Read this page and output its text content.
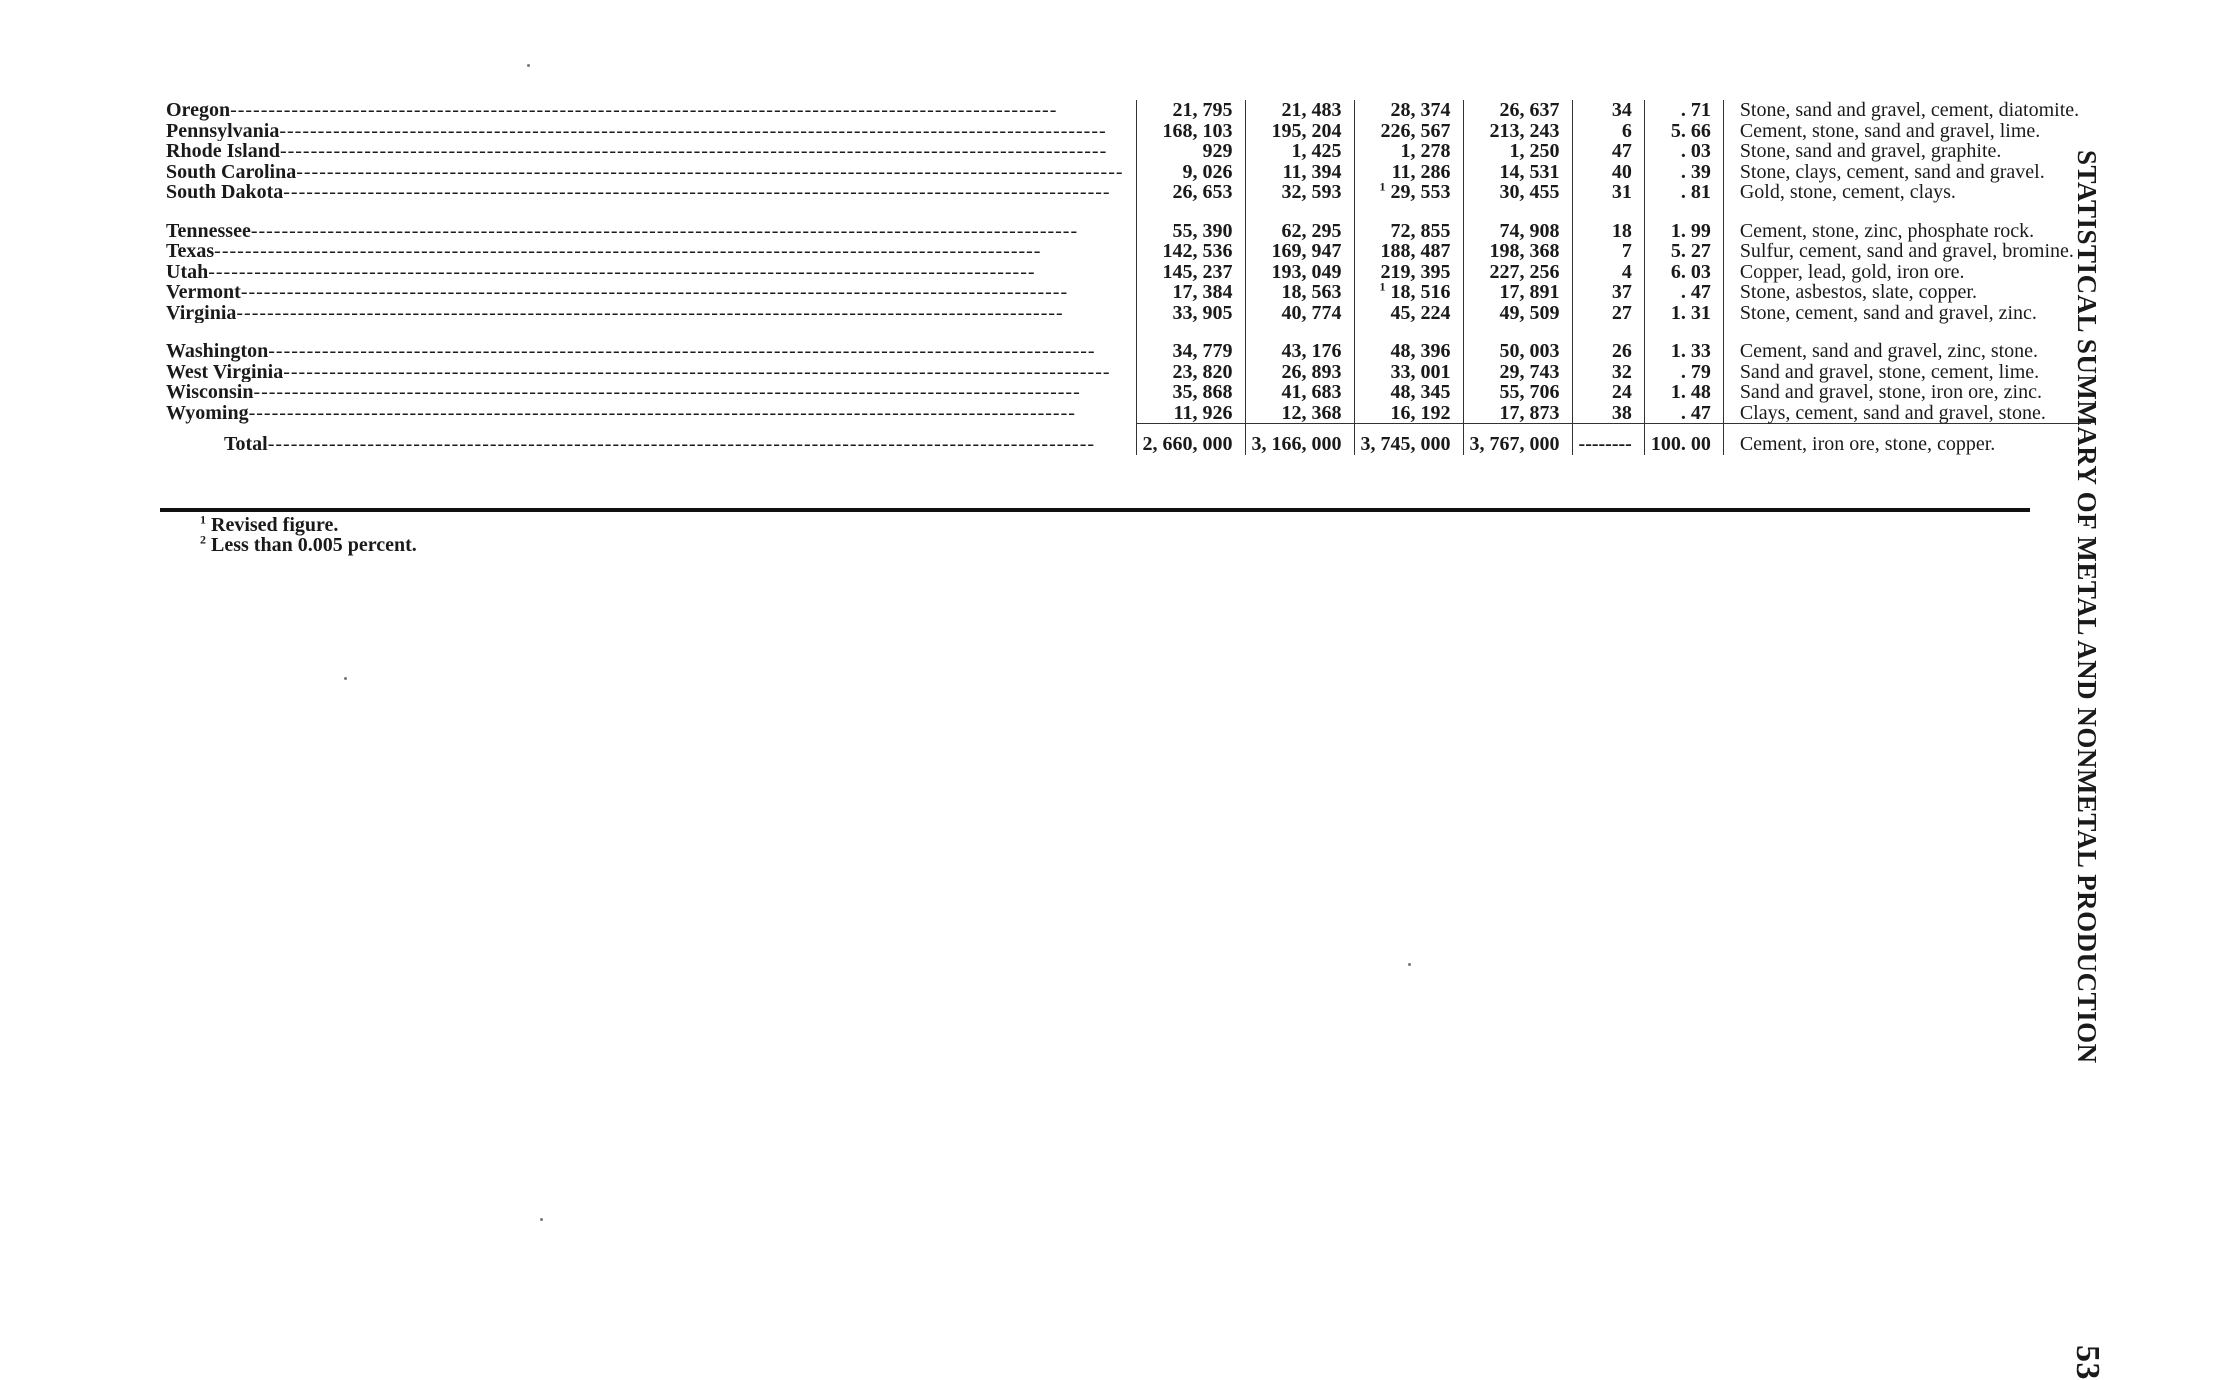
Oregon -----	21, 795	21, 483	28, 374	26, 637	34	. 71	Stone, sand and gravel, cement, diatomite.
Pennsylvania -----	168, 103	195, 204	226, 567	213, 243	6	5. 66	Cement, stone, sand and gravel, lime.
Rhode Island -----	929	1, 425	1, 278	1, 250	47	. 03	Stone, sand and gravel, graphite.
South Carolina -----	9, 026	11, 394	11, 286	14, 531	40	. 39	Stone, clays, cement, sand and gravel.
South Dakota -----	26, 653	32, 593	$^1$ 29, 553	30, 455	31	. 81	Gold, stone, cement, clays.

Tennessee -----	55, 390	62, 295	72, 855	74, 908	18	1. 99	Cement, stone, zinc, phosphate rock.
Texas -----	142, 536	169, 947	188, 487	198, 368	7	5. 27	Sulfur, cement, sand and gravel, bromine.
Utah -----	145, 237	193, 049	219, 395	227, 256	4	6. 03	Copper, lead, gold, iron ore.
Vermont -----	17, 384	18, 563	$^1$ 18, 516	17, 891	37	. 47	Stone, asbestos, slate, copper.
Virginia -----	33, 905	40, 774	45, 224	49, 509	27	1. 31	Stone, cement, sand and gravel, zinc.

Washington -----	34, 779	43, 176	48, 396	50, 003	26	1. 33	Cement, sand and gravel, zinc, stone.
West Virginia -----	23, 820	26, 893	33, 001	29, 743	32	. 79	Sand and gravel, stone, cement, lime.
Wisconsin -----	35, 868	41, 683	48, 345	55, 706	24	1. 48	Sand and gravel, stone, iron ore, zinc.
Wyoming -----	11, 926	12, 368	16, 192	17, 873	38	. 47	Clays, cement, sand and gravel, stone.
Total -----	2, 660, 000	3, 166, 000	3, 745, 000	3, 767, 000	--------	100. 00	Cement, iron ore, stone, copper.
$^1$ Revised figure.
$^2$ Less than 0.005 percent.	STATISTICAL SUMMARY OF METAL AND NONMETAL PRODUCTION
53
